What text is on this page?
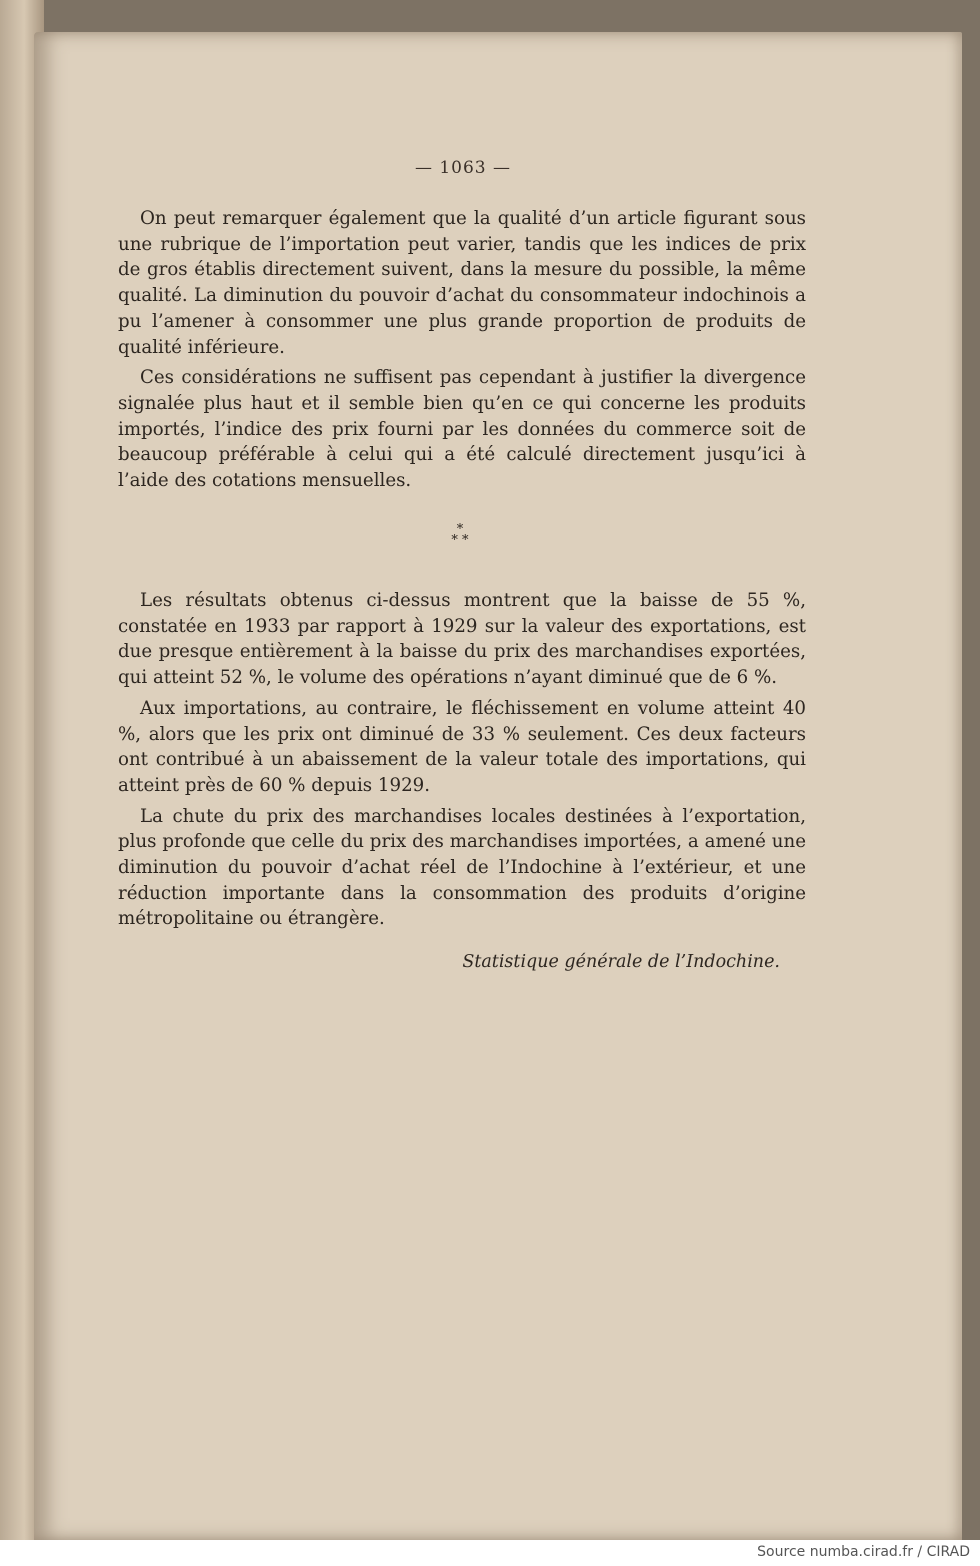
— 1063 —

On peut remarquer également que la qualité d’un article figurant sous une rubrique de l’importation peut varier, tandis que les indices de prix de gros établis directement suivent, dans la mesure du possible, la même qualité. La diminution du pouvoir d’achat du consommateur indochinois a pu l’amener à consommer une plus grande proportion de produits de qualité inférieure.

Ces considérations ne suffisent pas cependant à justifier la divergence signalée plus haut et il semble bien qu’en ce qui concerne les produits importés, l’indice des prix fourni par les données du commerce soit de beaucoup préférable à celui qui a été calculé directement jusqu’ici à l’aide des cotations mensuelles.

*
* *

Les résultats obtenus ci-dessus montrent que la baisse de 55 %, constatée en 1933 par rapport à 1929 sur la valeur des exportations, est due presque entièrement à la baisse du prix des marchandises exportées, qui atteint 52 %, le volume des opérations n’ayant diminué que de 6 %.

Aux importations, au contraire, le fléchissement en volume atteint 40 %, alors que les prix ont diminué de 33 % seulement. Ces deux facteurs ont contribué à un abaissement de la valeur totale des importations, qui atteint près de 60 % depuis 1929.

La chute du prix des marchandises locales destinées à l’exportation, plus profonde que celle du prix des marchandises importées, a amené une diminution du pouvoir d’achat réel de l’Indochine à l’extérieur, et une réduction importante dans la consommation des produits d’origine métropolitaine ou étrangère.

Statistique générale de l’Indochine.
Source numba.cirad.fr / CIRAD
